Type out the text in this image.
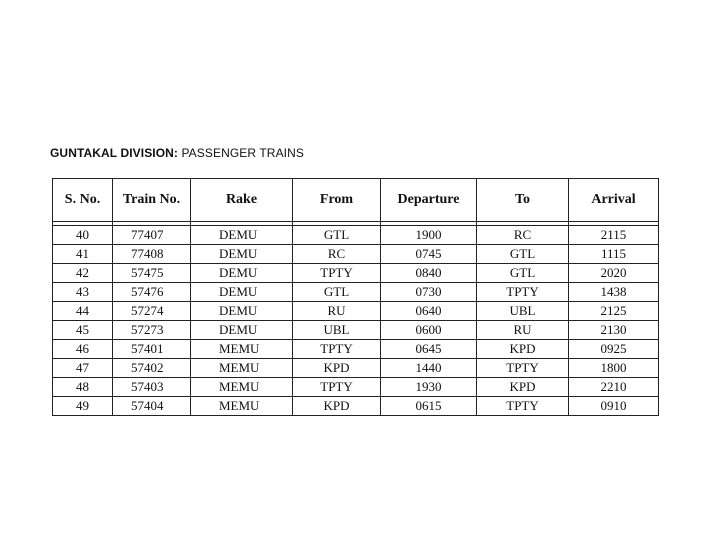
GUNTAKAL DIVISION: PASSENGER TRAINS
S. No.	Train No.	Rake	From	Departure	To	Arrival

40	77407	DEMU	GTL	1900	RC	2115
41	77408	DEMU	RC	0745	GTL	1115
42	57475	DEMU	TPTY	0840	GTL	2020
43	57476	DEMU	GTL	0730	TPTY	1438
44	57274	DEMU	RU	0640	UBL	2125
45	57273	DEMU	UBL	0600	RU	2130
46	57401	MEMU	TPTY	0645	KPD	0925
47	57402	MEMU	KPD	1440	TPTY	1800
48	57403	MEMU	TPTY	1930	KPD	2210
49	57404	MEMU	KPD	0615	TPTY	0910
